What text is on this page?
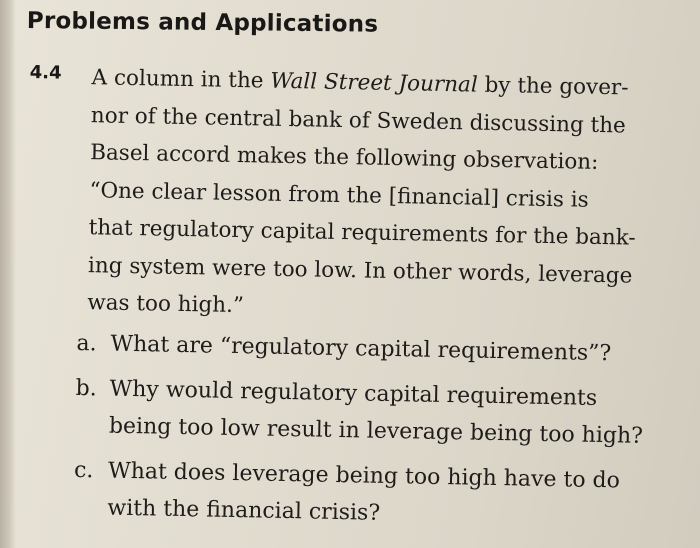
Problems and Applications
4.4 A column in the Wall Street Journal by the gover-
nor of the central bank of Sweden discussing the
Basel accord makes the following observation:
“One clear lesson from the [financial] crisis is
that regulatory capital requirements for the bank-
ing system were too low. In other words, leverage
was too high.”
a. What are “regulatory capital requirements”?
b. Why would regulatory capital requirements
being too low result in leverage being too high?
c. What does leverage being too high have to do
with the financial crisis?
